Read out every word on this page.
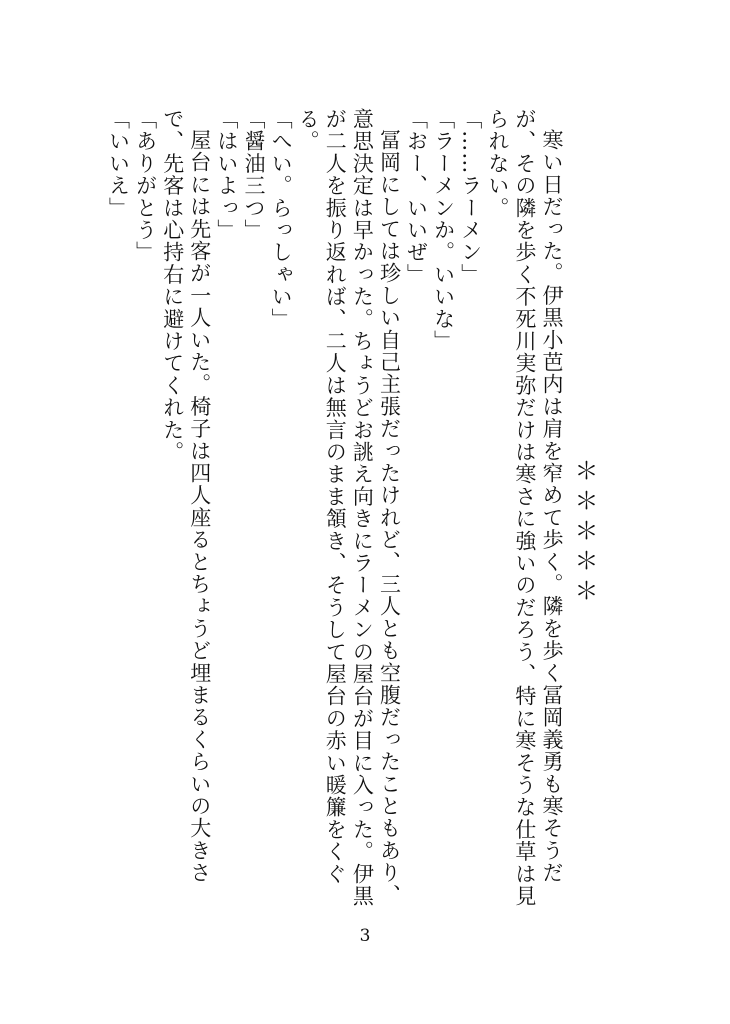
＊＊＊＊＊

寒い日だった。伊黒小芭内は肩を窄めて歩く。隣を歩く冨岡義勇も寒そうだが、その隣を歩く不死川実弥だけは寒さに強いのだろう、特に寒そうな仕草は見られない。

「……ラーメン」

「ラーメンか。いいな」

「おー、いいぜ」

冨岡にしては珍しい自己主張だったけれど、三人とも空腹だったこともあり、意思決定は早かった。ちょうどお誂え向きにラーメンの屋台が目に入った。伊黒が二人を振り返れば、二人は無言のまま頷き、そうして屋台の赤い暖簾をくぐる。

「へい。らっしゃい」

「醤油三つ」

「はいよっ」

屋台には先客が一人いた。椅子は四人座るとちょうど埋まるくらいの大きさで、先客は心持右に避けてくれた。

「ありがとう」

「いいえ」

3
